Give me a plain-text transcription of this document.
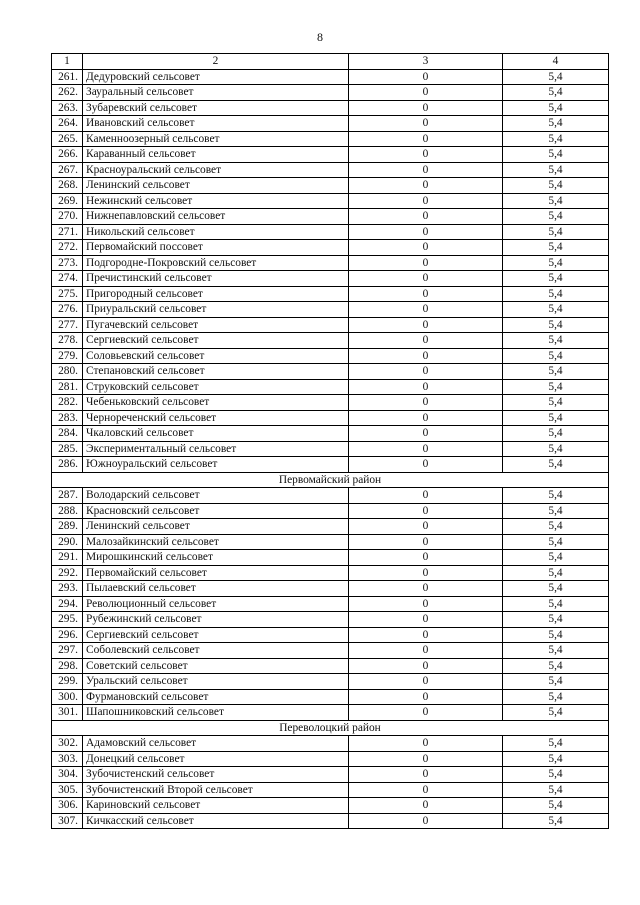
8
1	2	3	4
261.	Дедуровский сельсовет	0	5,4
262.	Зауральный сельсовет	0	5,4
263.	Зубаревский сельсовет	0	5,4
264.	Ивановский сельсовет	0	5,4
265.	Каменноозерный сельсовет	0	5,4
266.	Караванный сельсовет	0	5,4
267.	Красноуральский сельсовет	0	5,4
268.	Ленинский сельсовет	0	5,4
269.	Нежинский сельсовет	0	5,4
270.	Нижнепавловский сельсовет	0	5,4
271.	Никольский сельсовет	0	5,4
272.	Первомайский поссовет	0	5,4
273.	Подгородне-Покровский сельсовет	0	5,4
274.	Пречистинский сельсовет	0	5,4
275.	Пригородный сельсовет	0	5,4
276.	Приуральский сельсовет	0	5,4
277.	Пугачевский сельсовет	0	5,4
278.	Сергиевский сельсовет	0	5,4
279.	Соловьевский сельсовет	0	5,4
280.	Степановский сельсовет	0	5,4
281.	Струковский сельсовет	0	5,4
282.	Чебеньковский сельсовет	0	5,4
283.	Чернореченский сельсовет	0	5,4
284.	Чкаловский сельсовет	0	5,4
285.	Экспериментальный сельсовет	0	5,4
286.	Южноуральский сельсовет	0	5,4
Первомайский район			
287.	Володарский сельсовет	0	5,4
288.	Красновский сельсовет	0	5,4
289.	Ленинский сельсовет	0	5,4
290.	Малозайкинский сельсовет	0	5,4
291.	Мирошкинский сельсовет	0	5,4
292.	Первомайский сельсовет	0	5,4
293.	Пылаевский сельсовет	0	5,4
294.	Революционный сельсовет	0	5,4
295.	Рубежинский сельсовет	0	5,4
296.	Сергиевский сельсовет	0	5,4
297.	Соболевский сельсовет	0	5,4
298.	Советский сельсовет	0	5,4
299.	Уральский сельсовет	0	5,4
300.	Фурмановский сельсовет	0	5,4
301.	Шапошниковский сельсовет	0	5,4
Переволоцкий район			
302.	Адамовский сельсовет	0	5,4
303.	Донецкий сельсовет	0	5,4
304.	Зубочистенский сельсовет	0	5,4
305.	Зубочистенский Второй сельсовет	0	5,4
306.	Кариновский сельсовет	0	5,4
307.	Кичкасский сельсовет	0	5,4
